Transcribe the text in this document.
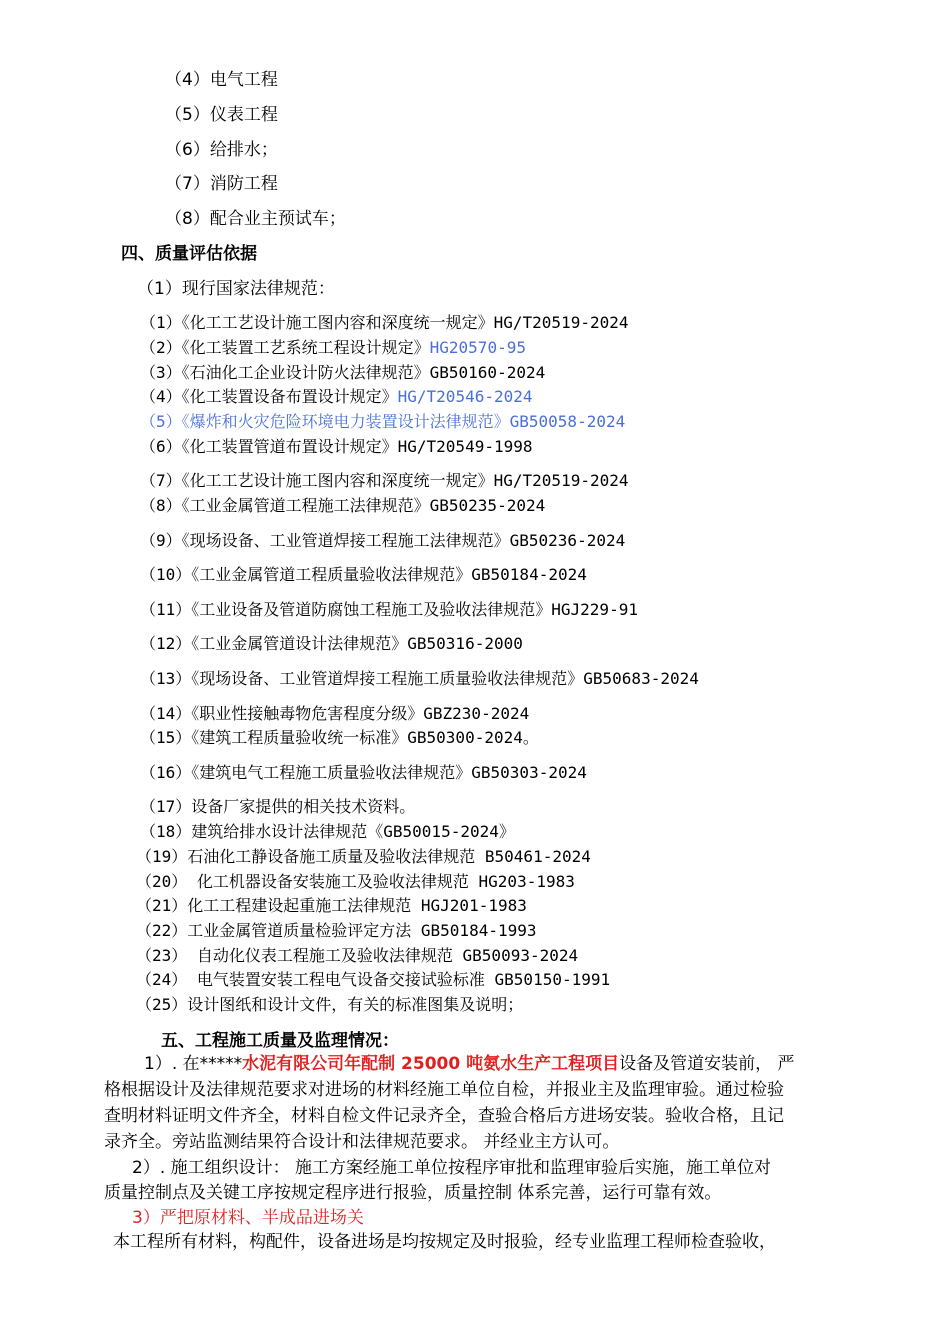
（4）电气工程
（5）仪表工程
（6）给排水；
（7）消防工程
（8）配合业主预试车；
四、质量评估依据
（1）现行国家法律规范：
（1）《化工工艺设计施工图内容和深度统一规定》HG/T20519-2024
（2）《化工装置工艺系统工程设计规定》HG20570-95
（3）《石油化工企业设计防火法律规范》GB50160-2024
（4）《化工装置设备布置设计规定》HG/T20546-2024
（5）《爆炸和火灾危险环境电力装置设计法律规范》GB50058-2024
（6）《化工装置管道布置设计规定》HG/T20549-1998
（7）《化工工艺设计施工图内容和深度统一规定》HG/T20519-2024
（8）《工业金属管道工程施工法律规范》GB50235-2024
（9）《现场设备、工业管道焊接工程施工法律规范》GB50236-2024
（10）《工业金属管道工程质量验收法律规范》GB50184-2024
（11）《工业设备及管道防腐蚀工程施工及验收法律规范》HGJ229-91
（12）《工业金属管道设计法律规范》GB50316-2000
（13）《现场设备、工业管道焊接工程施工质量验收法律规范》GB50683-2024
（14）《职业性接触毒物危害程度分级》GBZ230-2024
（15）《建筑工程质量验收统一标准》GB50300-2024。
（16）《建筑电气工程施工质量验收法律规范》GB50303-2024
（17）设备厂家提供的相关技术资料。
（18）建筑给排水设计法律规范《GB50015-2024》
（19）石油化工静设备施工质量及验收法律规范 B50461-2024
（20） 化工机器设备安装施工及验收法律规范 HG203-1983
（21）化工工程建设起重施工法律规范 HGJ201-1983
（22）工业金属管道质量检验评定方法 GB50184-1993
（23） 自动化仪表工程施工及验收法律规范 GB50093-2024
（24） 电气装置安装工程电气设备交接试验标准 GB50150-1991
（25）设计图纸和设计文件，有关的标准图集及说明；
五、工程施工质量及监理情况：
1）. 在*****水泥有限公司年配制 25000 吨氨水生产工程项目设备及管道安装前， 严
格根据设计及法律规范要求对进场的材料经施工单位自检，并报业主及监理审验。通过检验
查明材料证明文件齐全，材料自检文件记录齐全，查验合格后方进场安装。验收合格，且记
录齐全。旁站监测结果符合设计和法律规范要求。 并经业主方认可。
2）. 施工组织设计： 施工方案经施工单位按程序审批和监理审验后实施，施工单位对
质量控制点及关键工序按规定程序进行报验，质量控制 体系完善，运行可靠有效。
3）严把原材料、半成品进场关
本工程所有材料，构配件，设备进场是均按规定及时报验，经专业监理工程师检查验收，
